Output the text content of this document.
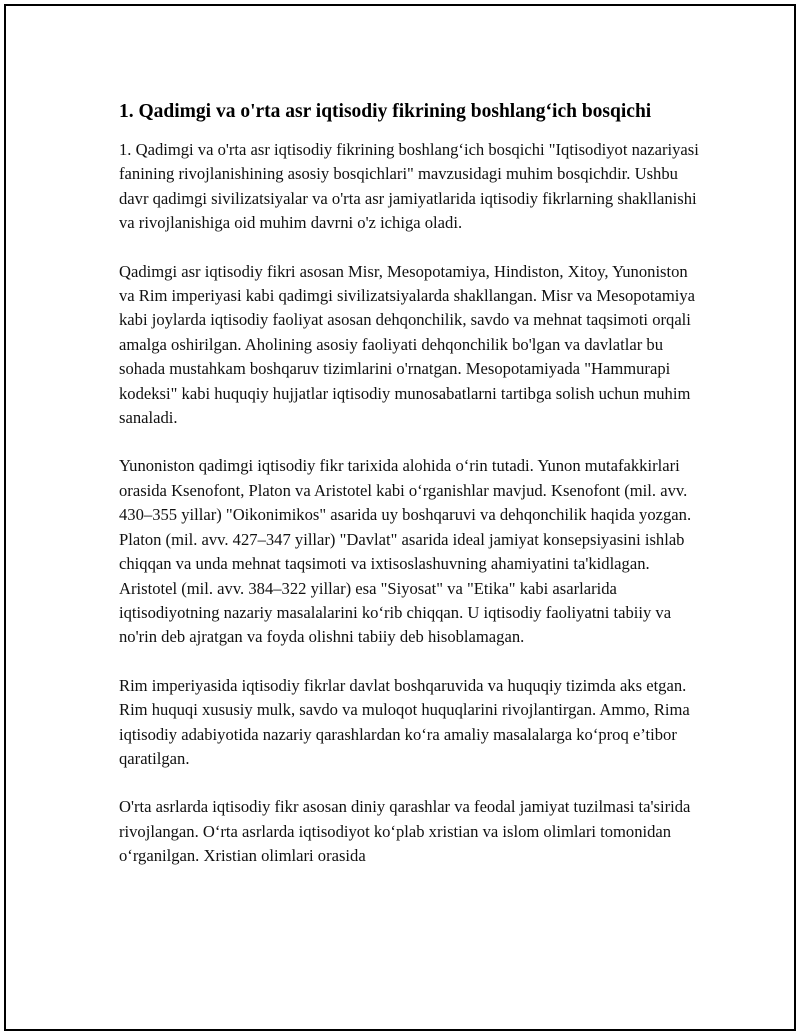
1. Qadimgi va o'rta asr iqtisodiy fikrining boshlang‘ich bosqichi

1. Qadimgi va o'rta asr iqtisodiy fikrining boshlang‘ich bosqichi "Iqtisodiyot nazariyasi fanining rivojlanishining asosiy bosqichlari" mavzusidagi muhim bosqichdir. Ushbu davr qadimgi sivilizatsiyalar va o'rta asr jamiyatlarida iqtisodiy fikrlarning shakllanishi va rivojlanishiga oid muhim davrni o'z ichiga oladi.

Qadimgi asr iqtisodiy fikri asosan Misr, Mesopotamiya, Hindiston, Xitoy, Yunoniston va Rim imperiyasi kabi qadimgi sivilizatsiyalarda shakllangan. Misr va Mesopotamiya kabi joylarda iqtisodiy faoliyat asosan dehqonchilik, savdo va mehnat taqsimoti orqali amalga oshirilgan. Aholining asosiy faoliyati dehqonchilik bo'lgan va davlatlar bu sohada mustahkam boshqaruv tizimlarini o'rnatgan. Mesopotamiyada "Hammurapi kodeksi" kabi huquqiy hujjatlar iqtisodiy munosabatlarni tartibga solish uchun muhim sanaladi.

Yunoniston qadimgi iqtisodiy fikr tarixida alohida o‘rin tutadi. Yunon mutafakkirlari orasida Ksenofont, Platon va Aristotel kabi o‘rganishlar mavjud. Ksenofont (mil. avv. 430–355 yillar) "Oikonimikos" asarida uy boshqaruvi va dehqonchilik haqida yozgan. Platon (mil. avv. 427–347 yillar) "Davlat" asarida ideal jamiyat konsepsiyasini ishlab chiqqan va unda mehnat taqsimoti va ixtisoslashuvning ahamiyatini ta'kidlagan. Aristotel (mil. avv. 384–322 yillar) esa "Siyosat" va "Etika" kabi asarlarida iqtisodiyotning nazariy masalalarini ko‘rib chiqqan. U iqtisodiy faoliyatni tabiiy va no'rin deb ajratgan va foyda olishni tabiiy deb hisoblamagan.

Rim imperiyasida iqtisodiy fikrlar davlat boshqaruvida va huquqiy tizimda aks etgan. Rim huquqi xususiy mulk, savdo va muloqot huquqlarini rivojlantirgan. Ammo, Rima iqtisodiy adabiyotida nazariy qarashlardan ko‘ra amaliy masalalarga ko‘proq e’tibor qaratilgan.

O'rta asrlarda iqtisodiy fikr asosan diniy qarashlar va feodal jamiyat tuzilmasi ta'sirida rivojlangan. O‘rta asrlarda iqtisodiyot ko‘plab xristian va islom olimlari tomonidan o‘rganilgan. Xristian olimlari orasida
